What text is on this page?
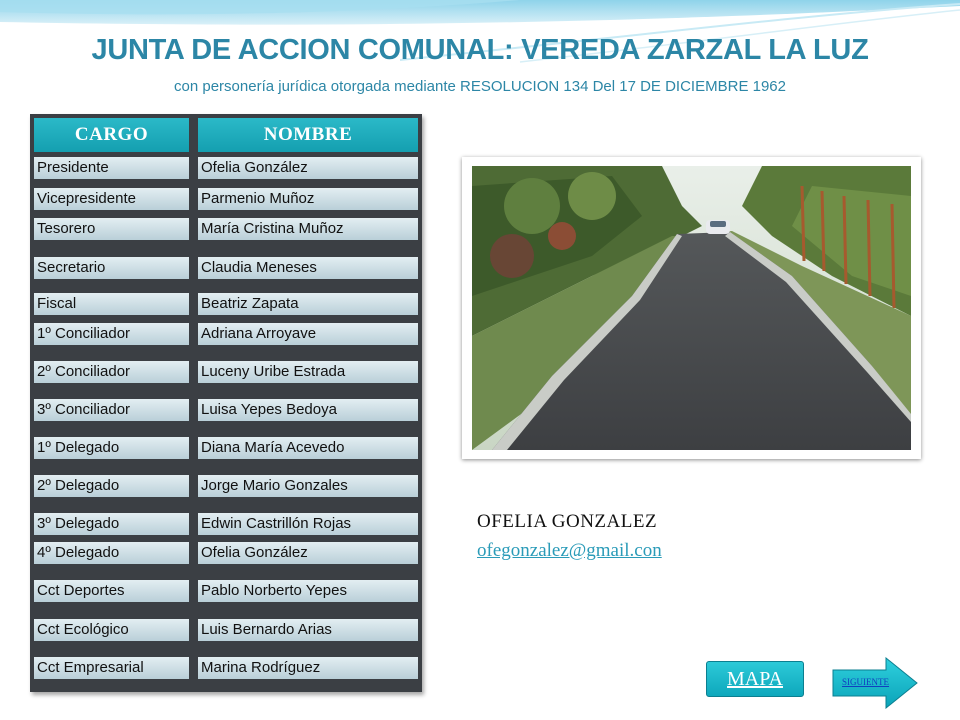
JUNTA DE ACCION COMUNAL: VEREDA ZARZAL LA LUZ
con personería jurídica otorgada mediante RESOLUCION 134 Del 17 DE DICIEMBRE 1962
CARGO	NOMBRE
Presidente	Ofelia González
Vicepresidente	Parmenio Muñoz
Tesorero	María Cristina Muñoz
Secretario	Claudia Meneses
Fiscal	Beatriz Zapata
1º Conciliador	Adriana Arroyave
2º Conciliador	Luceny Uribe Estrada
3º Conciliador	Luisa Yepes Bedoya
1º Delegado	Diana María Acevedo
2º Delegado	Jorge Mario Gonzales
3º Delegado	Edwin Castrillón Rojas
4º Delegado	Ofelia González
Cct Deportes	Pablo Norberto Yepes
Cct Ecológico	Luis Bernardo Arias
Cct Empresarial	Marina Rodríguez
OFELIA GONZALEZ
ofegonzalez@gmail.con
MAPA	SIGUIENTE
